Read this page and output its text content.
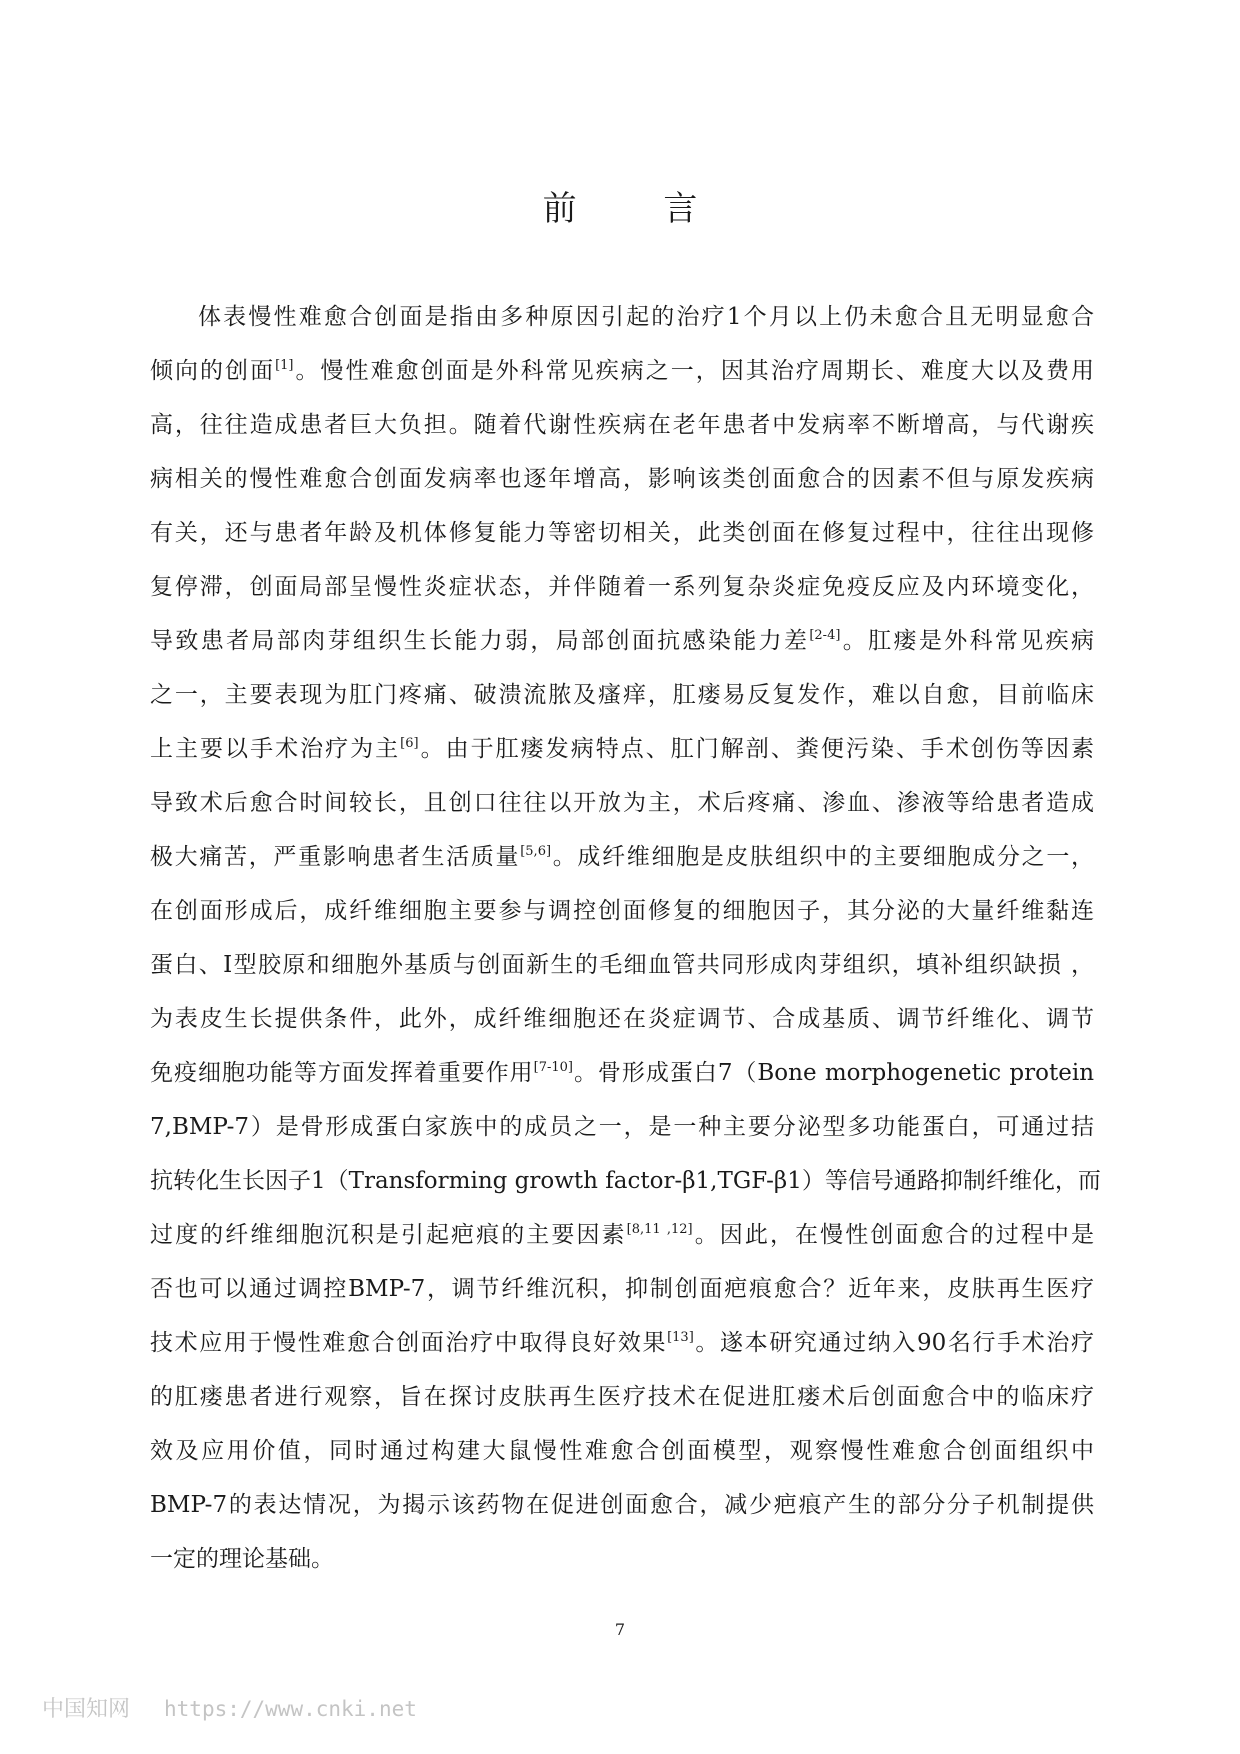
前 言
体表慢性难愈合创面是指由多种原因引起的治疗1个月以上仍未愈合且无明显愈合
倾向的创面[1]。慢性难愈创面是外科常见疾病之一，因其治疗周期长、难度大以及费用
高，往往造成患者巨大负担。随着代谢性疾病在老年患者中发病率不断增高，与代谢疾
病相关的慢性难愈合创面发病率也逐年增高，影响该类创面愈合的因素不但与原发疾病
有关，还与患者年龄及机体修复能力等密切相关，此类创面在修复过程中，往往出现修
复停滞，创面局部呈慢性炎症状态，并伴随着一系列复杂炎症免疫反应及内环境变化，
导致患者局部肉芽组织生长能力弱，局部创面抗感染能力差[2-4]。肛瘘是外科常见疾病
之一，主要表现为肛门疼痛、破溃流脓及瘙痒，肛瘘易反复发作，难以自愈，目前临床
上主要以手术治疗为主[6]。由于肛瘘发病特点、肛门解剖、粪便污染、手术创伤等因素
导致术后愈合时间较长，且创口往往以开放为主，术后疼痛、渗血、渗液等给患者造成
极大痛苦，严重影响患者生活质量[5,6]。成纤维细胞是皮肤组织中的主要细胞成分之一，
在创面形成后，成纤维细胞主要参与调控创面修复的细胞因子，其分泌的大量纤维黏连
蛋白、I型胶原和细胞外基质与创面新生的毛细血管共同形成肉芽组织，填补组织缺损 ，
为表皮生长提供条件，此外，成纤维细胞还在炎症调节、合成基质、调节纤维化、调节
免疫细胞功能等方面发挥着重要作用[7-10]。骨形成蛋白7（Bone morphogenetic protein
7,BMP-7）是骨形成蛋白家族中的成员之一，是一种主要分泌型多功能蛋白，可通过拮
抗转化生长因子1（Transforming growth factor-β1,TGF-β1）等信号通路抑制纤维化，而
过度的纤维细胞沉积是引起疤痕的主要因素[8,11 ,12]。因此，在慢性创面愈合的过程中是
否也可以通过调控BMP-7，调节纤维沉积，抑制创面疤痕愈合？近年来，皮肤再生医疗
技术应用于慢性难愈合创面治疗中取得良好效果[13]。遂本研究通过纳入90名行手术治疗
的肛瘘患者进行观察，旨在探讨皮肤再生医疗技术在促进肛瘘术后创面愈合中的临床疗
效及应用价值，同时通过构建大鼠慢性难愈合创面模型，观察慢性难愈合创面组织中
BMP-7的表达情况，为揭示该药物在促进创面愈合，减少疤痕产生的部分分子机制提供
一定的理论基础。
7
中国知网 https://www.cnki.net
